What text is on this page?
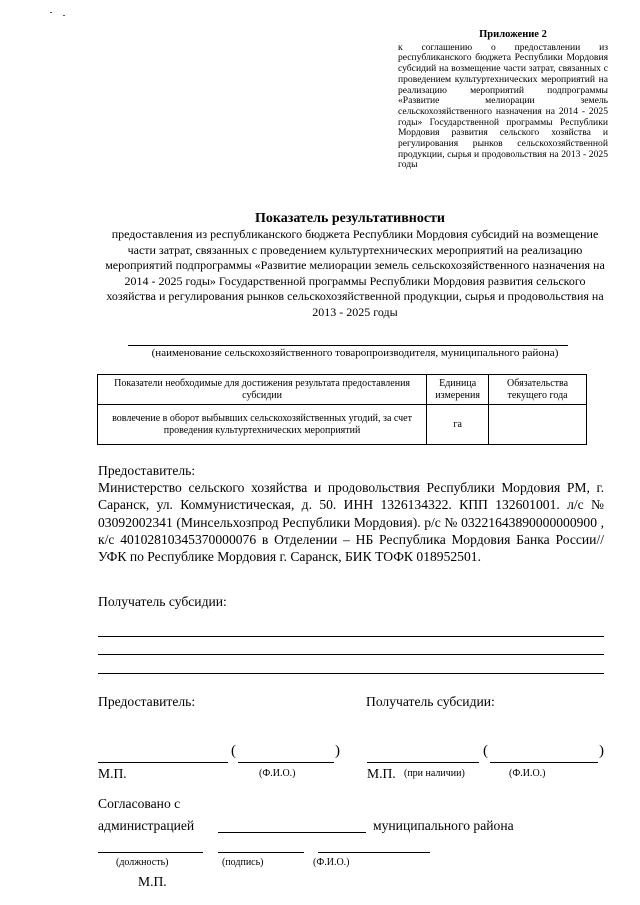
Приложение 2
к соглашению о предоставлении из республиканского бюджета Республики Мордовия субсидий на возмещение части затрат, связанных с проведением культуртехнических мероприятий на реализацию мероприятий подпрограммы «Развитие мелиорации земель сельскохозяйственного назначения на 2014 - 2025 годы» Государственной программы Республики Мордовия развития сельского хозяйства и регулирования рынков сельскохозяйственной продукции, сырья и продовольствия на 2013 - 2025 годы
Показатель результативности
предоставления из республиканского бюджета Республики Мордовия субсидий на возмещение части затрат, связанных с проведением культуртехнических мероприятий на реализацию мероприятий подпрограммы «Развитие мелиорации земель сельскохозяйственного назначения на 2014 - 2025 годы» Государственной программы Республики Мордовия развития сельского хозяйства и регулирования рынков сельскохозяйственной продукции, сырья и продовольствия на 2013 - 2025 годы
(наименование сельскохозяйственного товаропроизводителя, муниципального района)
Показатели необходимые для достижения результата предоставления субсидии	Единица измерения	Обязательства текущего года
вовлечение в оборот выбывших сельскохозяйственных угодий, за счет проведения культуртехнических мероприятий	га	
Предоставитель:
Министерство сельского хозяйства и продовольствия Республики Мордовия РМ, г. Саранск, ул. Коммунистическая, д. 50. ИНН 1326134322. КПП 132601001. л/с № 03092002341 (Минсельхозпрод Республики Мордовия). р/с № 03221643890000000900 , к/с 40102810345370000076 в Отделении – НБ Республика Мордовия Банка России// УФК по Республике Мордовия г. Саранск, БИК ТОФК 018952501.
Получатель субсидии:
Предоставитель:	Получатель субсидии:
(	)	(	)
М.П.	(Ф.И.О.)	М.П. (при наличии)	(Ф.И.О.)
Согласовано с
администрацией	муниципального района
(должность)	(подпись)	(Ф.И.О.)
М.П.
